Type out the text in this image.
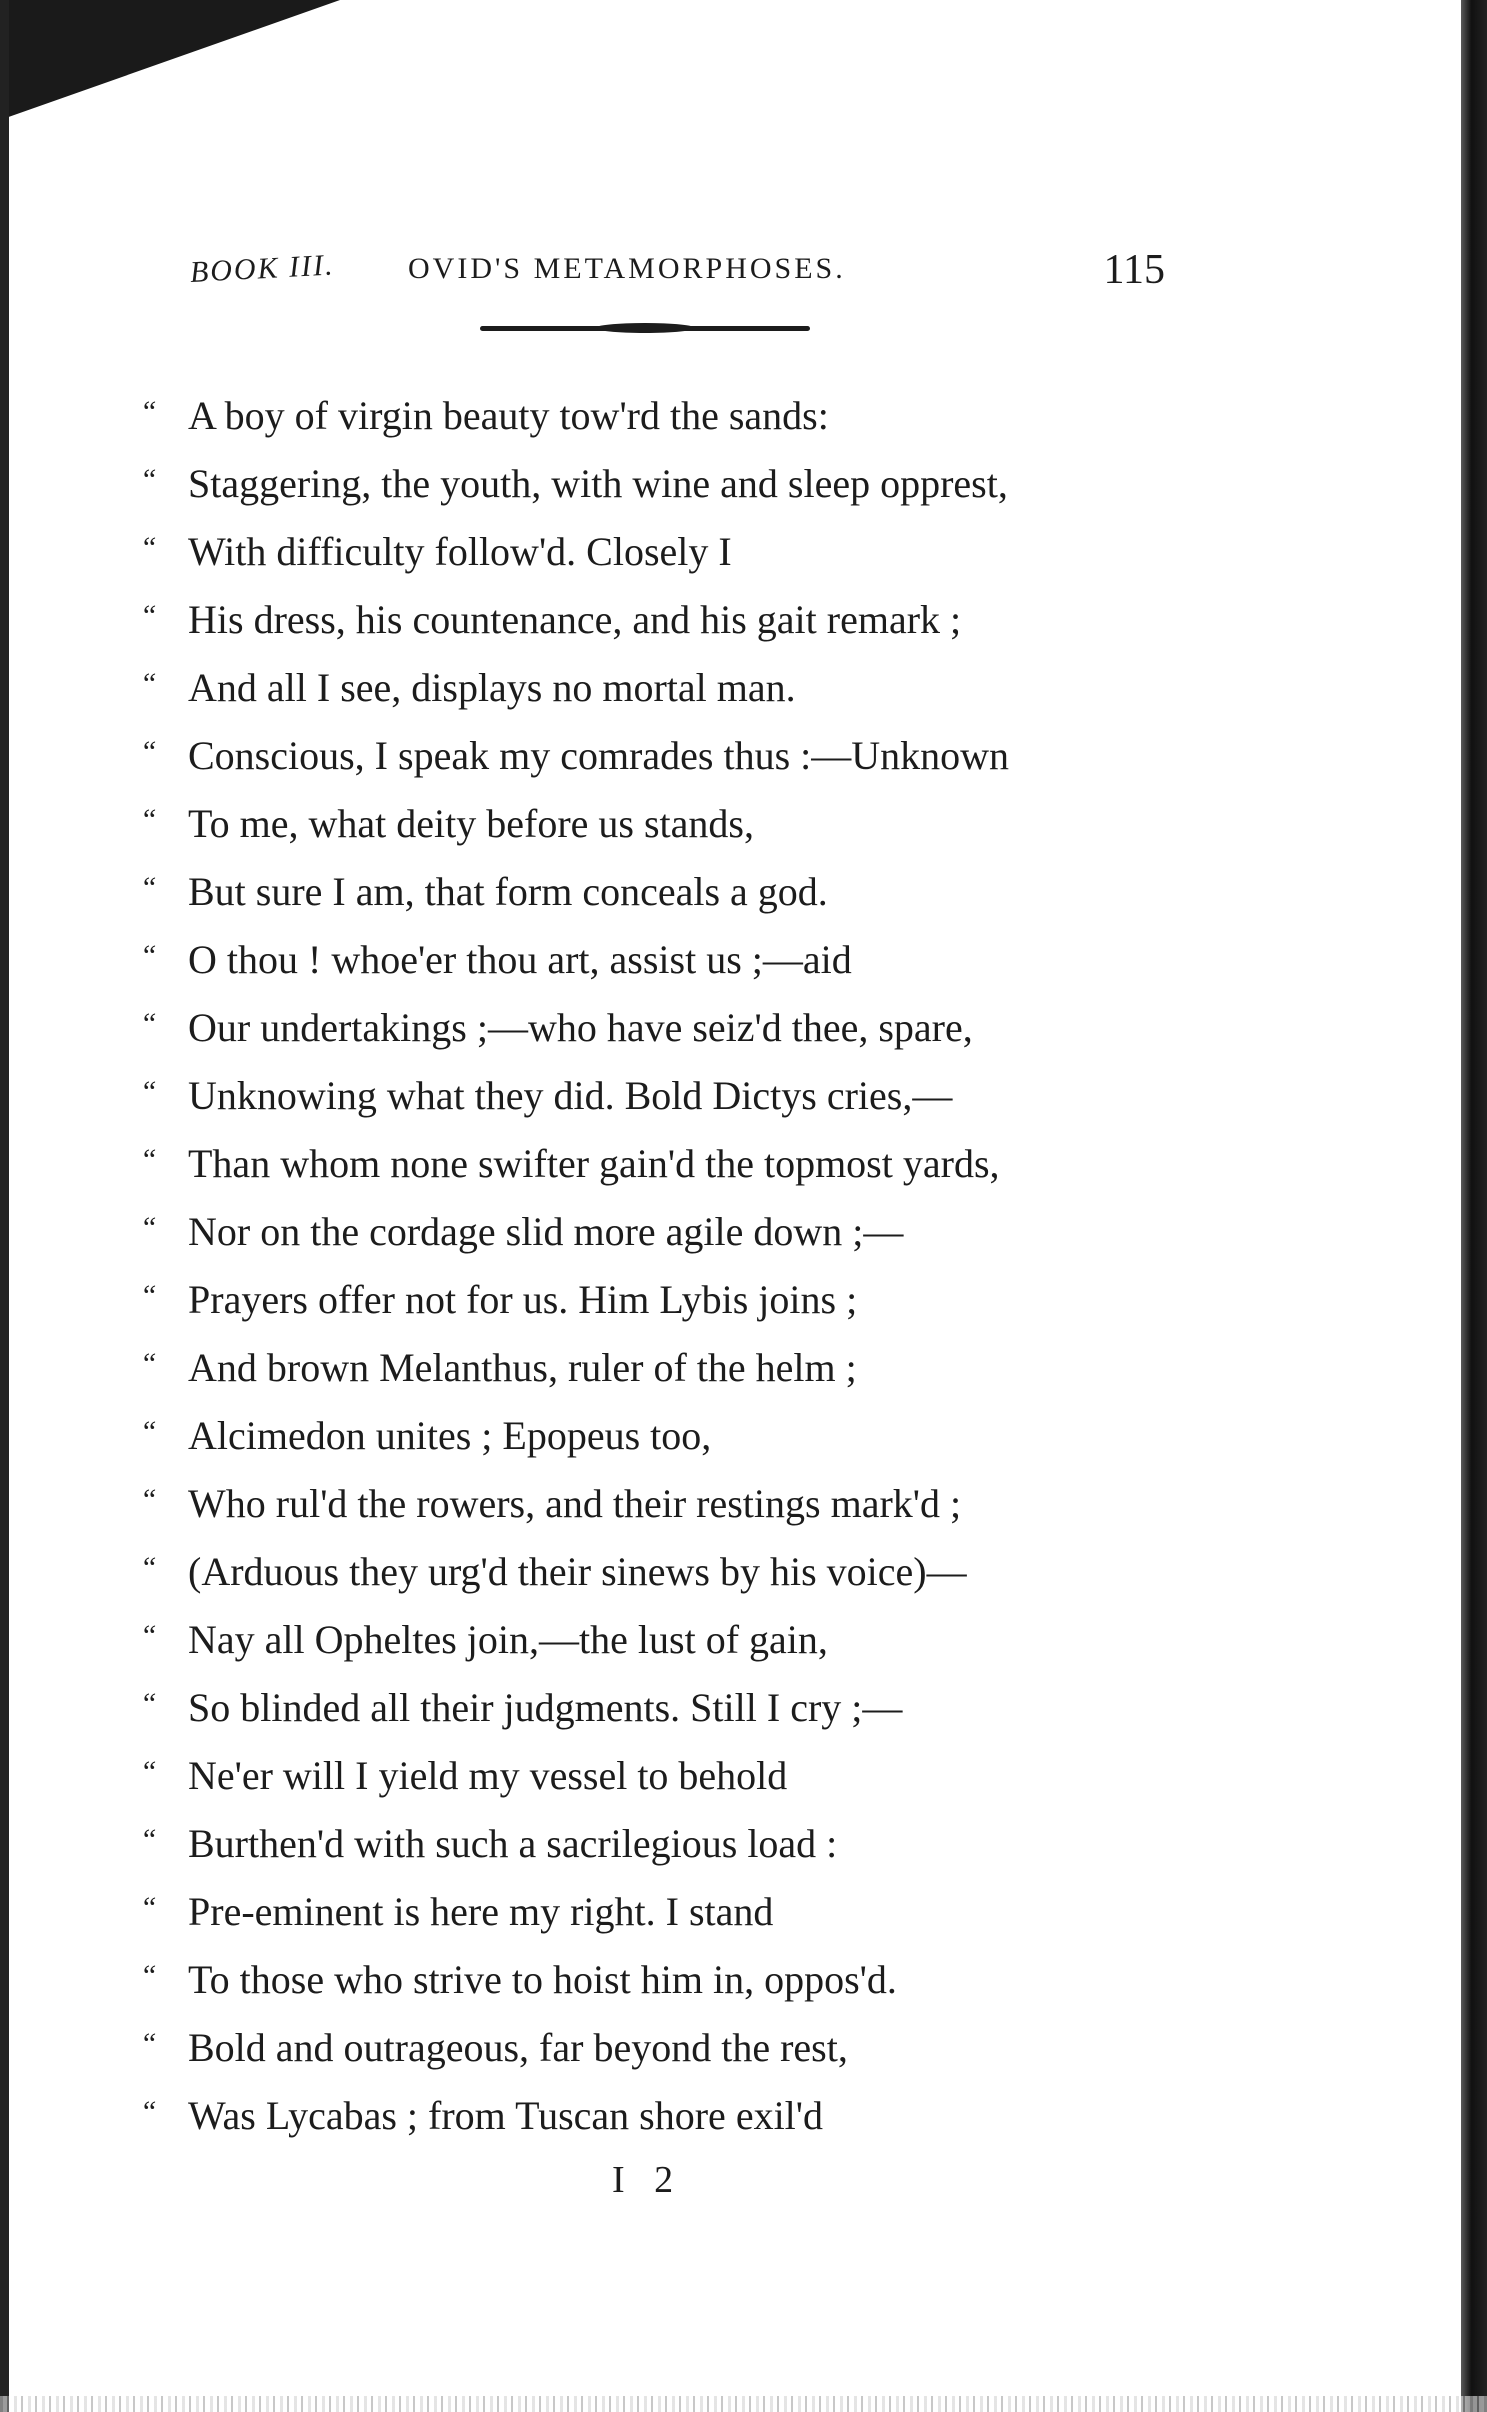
BOOK III. OVID'S METAMORPHOSES.	115
“ A boy of virgin beauty tow'rd the sands:
“ Staggering, the youth, with wine and sleep opprest,
“ With difficulty follow'd. Closely I
“ His dress, his countenance, and his gait remark ;
“ And all I see, displays no mortal man.
“ Conscious, I speak my comrades thus :—Unknown
“ To me, what deity before us stands,
“ But sure I am, that form conceals a god.
“ O thou ! whoe'er thou art, assist us ;—aid
“ Our undertakings ;—who have seiz'd thee, spare,
“ Unknowing what they did. Bold Dictys cries,—
“ Than whom none swifter gain'd the topmost yards,
“ Nor on the cordage slid more agile down ;—
“ Prayers offer not for us. Him Lybis joins ;
“ And brown Melanthus, ruler of the helm ;
“ Alcimedon unites ; Epopeus too,
“ Who rul'd the rowers, and their restings mark'd ;
“ (Arduous they urg'd their sinews by his voice)—
“ Nay all Opheltes join,—the lust of gain,
“ So blinded all their judgments. Still I cry ;—
“ Ne'er will I yield my vessel to behold
“ Burthen'd with such a sacrilegious load :
“ Pre-eminent is here my right. I stand
“ To those who strive to hoist him in, oppos'd.
“ Bold and outrageous, far beyond the rest,
“ Was Lycabas ; from Tuscan shore exil'd
I 2
